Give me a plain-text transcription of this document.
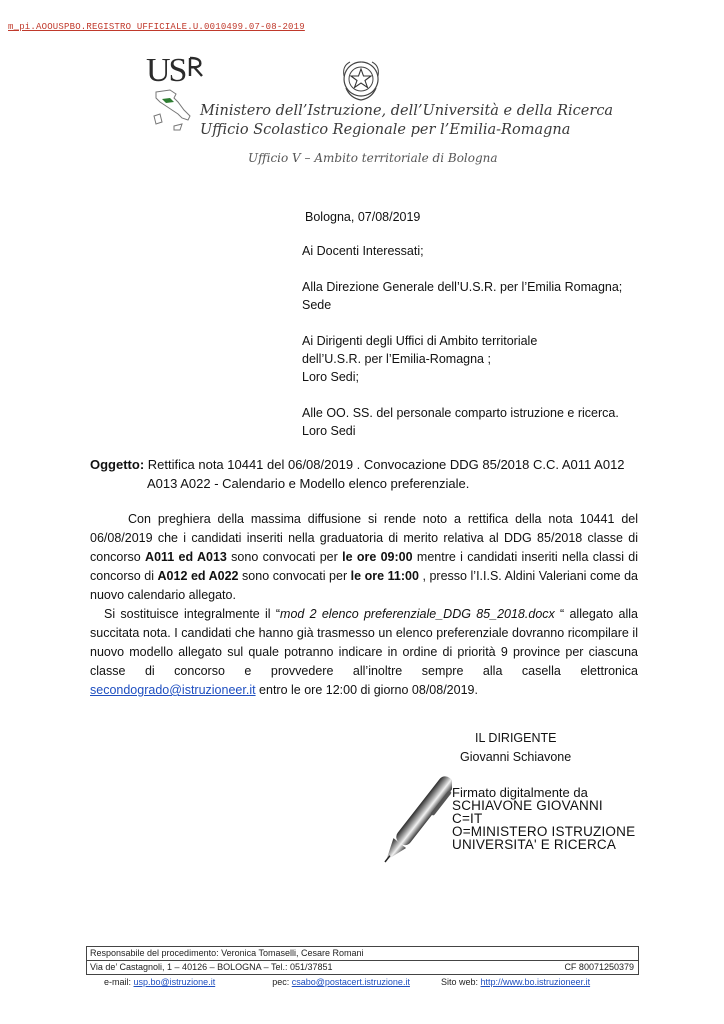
m_pi.AOOUSPBO.REGISTRO UFFICIALE.U.0010499.07-08-2019
US
Ministero dell’Istruzione, dell’Università e della Ricerca
Ufficio Scolastico Regionale per l’Emilia-Romagna
Ufficio V – Ambito territoriale di Bologna
Bologna, 07/08/2019

Ai Docenti Interessati;

Alla Direzione Generale dell’U.S.R. per l’Emilia Romagna;

Sede

Ai Dirigenti degli Uffici di Ambito territoriale

dell’U.S.R. per l’Emilia-Romagna ;

Loro Sedi;

Alle OO. SS. del personale comparto istruzione e ricerca.

Loro Sedi

Oggetto: Rettifica nota 10441 del 06/08/2019 . Convocazione DDG 85/2018 C.C. A011 A012
A013 A022 - Calendario e Modello elenco preferenziale.

Con preghiera della massima diffusione si rende noto a rettifica della nota 10441 del 06/08/2019 che i candidati inseriti nella graduatoria di merito relativa al DDG 85/2018 classe di concorso A011 ed A013 sono convocati per le ore 09:00 mentre i candidati inseriti nella classi di concorso di A012 ed A022 sono convocati per le ore 11:00 , presso l’I.I.S. Aldini Valeriani come da nuovo calendario allegato.

Si sostituisce integralmente il “mod 2 elenco preferenziale_DDG 85_2018.docx “ allegato alla succitata nota. I candidati che hanno già trasmesso un elenco preferenziale dovranno ricompilare il nuovo modello allegato sul quale potranno indicare in ordine di priorità 9 province per ciascuna classe di concorso e provvedere all’inoltre sempre alla casella elettronica secondogrado@istruzioneer.it entro le ore 12:00 di giorno 08/08/2019.

IL DIRIGENTE
Giovanni Schiavone
Firmato digitalmente da
SCHIAVONE GIOVANNI
C=IT
O=MINISTERO ISTRUZIONE
UNIVERSITA' E RICERCA
Responsabile del procedimento: Veronica Tomaselli, Cesare Romani
Via de’ Castagnoli, 1 – 40126 – BOLOGNA – Tel.: 051/37851	CF 80071250379
e-mail: usp.bo@istruzione.it	pec: csabo@postacert.istruzione.it	Sito web: http://www.bo.istruzioneer.it
